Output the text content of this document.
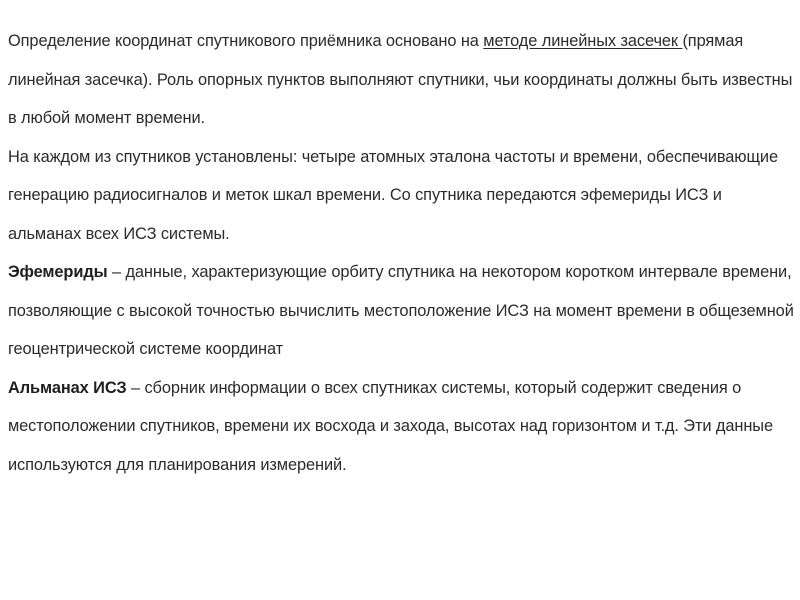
Определение координат спутникового приёмника основано на методе линейных засечек (прямая линейная засечка). Роль опорных пунктов выполняют спутники, чьи координаты должны быть известны в любой момент времени.

На каждом из спутников установлены: четыре атомных эталона частоты и времени, обеспечивающие генерацию радиосигналов и меток шкал времени. Со спутника передаются эфемериды ИСЗ и альманах всех ИСЗ системы.

Эфемериды – данные, характеризующие орбиту спутника на некотором коротком интервале времени, позволяющие с высокой точностью вычислить местоположение ИСЗ на момент времени в общеземной геоцентрической системе координат

Альманах ИСЗ – сборник информации о всех спутниках системы, который содержит сведения о местоположении спутников, времени их восхода и захода, высотах над горизонтом и т.д. Эти данные используются для планирования измерений.
